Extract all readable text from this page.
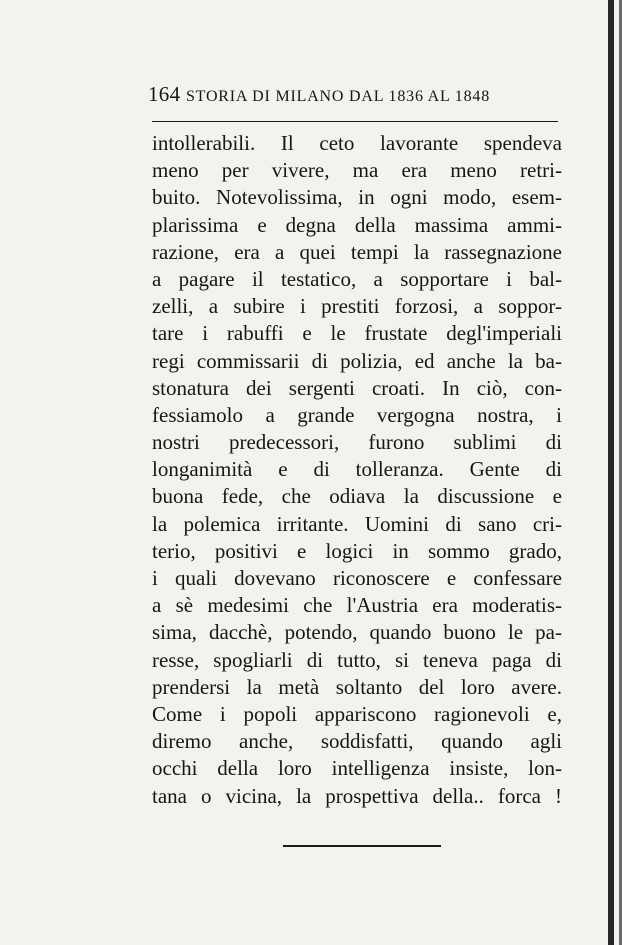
164 STORIA DI MILANO DAL 1836 AL 1848
intollerabili. Il ceto lavorante spendeva
meno per vivere, ma era meno retri-
buito. Notevolissima, in ogni modo, esem-
plarissima e degna della massima ammi-
razione, era a quei tempi la rassegnazione
a pagare il testatico, a sopportare i bal-
zelli, a subire i prestiti forzosi, a soppor-
tare i rabuffi e le frustate degl'imperiali
regi commissarii di polizia, ed anche la ba-
stonatura dei sergenti croati. In ciò, con-
fessiamolo a grande vergogna nostra, i
nostri predecessori, furono sublimi di
longanimità e di tolleranza. Gente di
buona fede, che odiava la discussione e
la polemica irritante. Uomini di sano cri-
terio, positivi e logici in sommo grado,
i quali dovevano riconoscere e confessare
a sè medesimi che l'Austria era moderatis-
sima, dacchè, potendo, quando buono le pa-
resse, spogliarli di tutto, si teneva paga di
prendersi la metà soltanto del loro avere.
Come i popoli appariscono ragionevoli e,
diremo anche, soddisfatti, quando agli
occhi della loro intelligenza insiste, lon-
tana o vicina, la prospettiva della.. forca !
